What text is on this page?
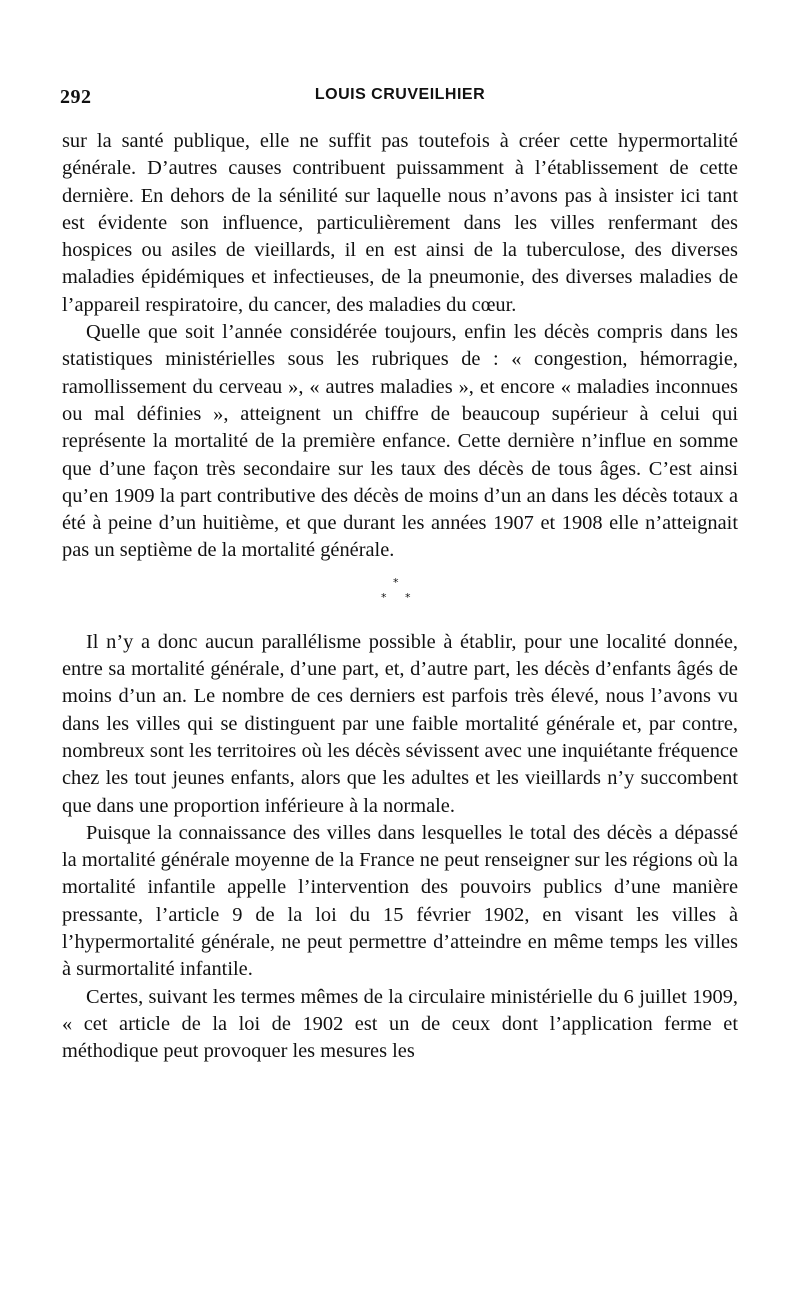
292	LOUIS CRUVEILHIER

sur la santé publique, elle ne suffit pas toutefois à créer cette hypermortalité générale. D’autres causes contribuent puissamment à l’établissement de cette dernière. En dehors de la sénilité sur laquelle nous n’avons pas à insister ici tant est évidente son influence, particulièrement dans les villes renfermant des hospices ou asiles de vieillards, il en est ainsi de la tuberculose, des diverses maladies épidémiques et infectieuses, de la pneumonie, des diverses maladies de l’appareil respiratoire, du cancer, des maladies du cœur.

Quelle que soit l’année considérée toujours, enfin les décès compris dans les statistiques ministérielles sous les rubriques de : « congestion, hémorragie, ramollissement du cerveau », « autres maladies », et encore « maladies inconnues ou mal définies », atteignent un chiffre de beaucoup supérieur à celui qui représente la mortalité de la première enfance. Cette dernière n’influe en somme que d’une façon très secondaire sur les taux des décès de tous âges. C’est ainsi qu’en 1909 la part contributive des décès de moins d’un an dans les décès totaux a été à peine d’un huitième, et que durant les années 1907 et 1908 elle n’atteignait pas un septième de la mortalité générale.

*
* *

Il n’y a donc aucun parallélisme possible à établir, pour une localité donnée, entre sa mortalité générale, d’une part, et, d’autre part, les décès d’enfants âgés de moins d’un an. Le nombre de ces derniers est parfois très élevé, nous l’avons vu dans les villes qui se distinguent par une faible mortalité générale et, par contre, nombreux sont les territoires où les décès sévissent avec une inquiétante fréquence chez les tout jeunes enfants, alors que les adultes et les vieillards n’y succombent que dans une proportion inférieure à la normale.

Puisque la connaissance des villes dans lesquelles le total des décès a dépassé la mortalité générale moyenne de la France ne peut renseigner sur les régions où la mortalité infantile appelle l’intervention des pouvoirs publics d’une manière pressante, l’article 9 de la loi du 15 février 1902, en visant les villes à l’hypermortalité générale, ne peut permettre d’atteindre en même temps les villes à surmortalité infantile.

Certes, suivant les termes mêmes de la circulaire ministérielle du 6 juillet 1909, « cet article de la loi de 1902 est un de ceux dont l’application ferme et méthodique peut provoquer les mesures les
